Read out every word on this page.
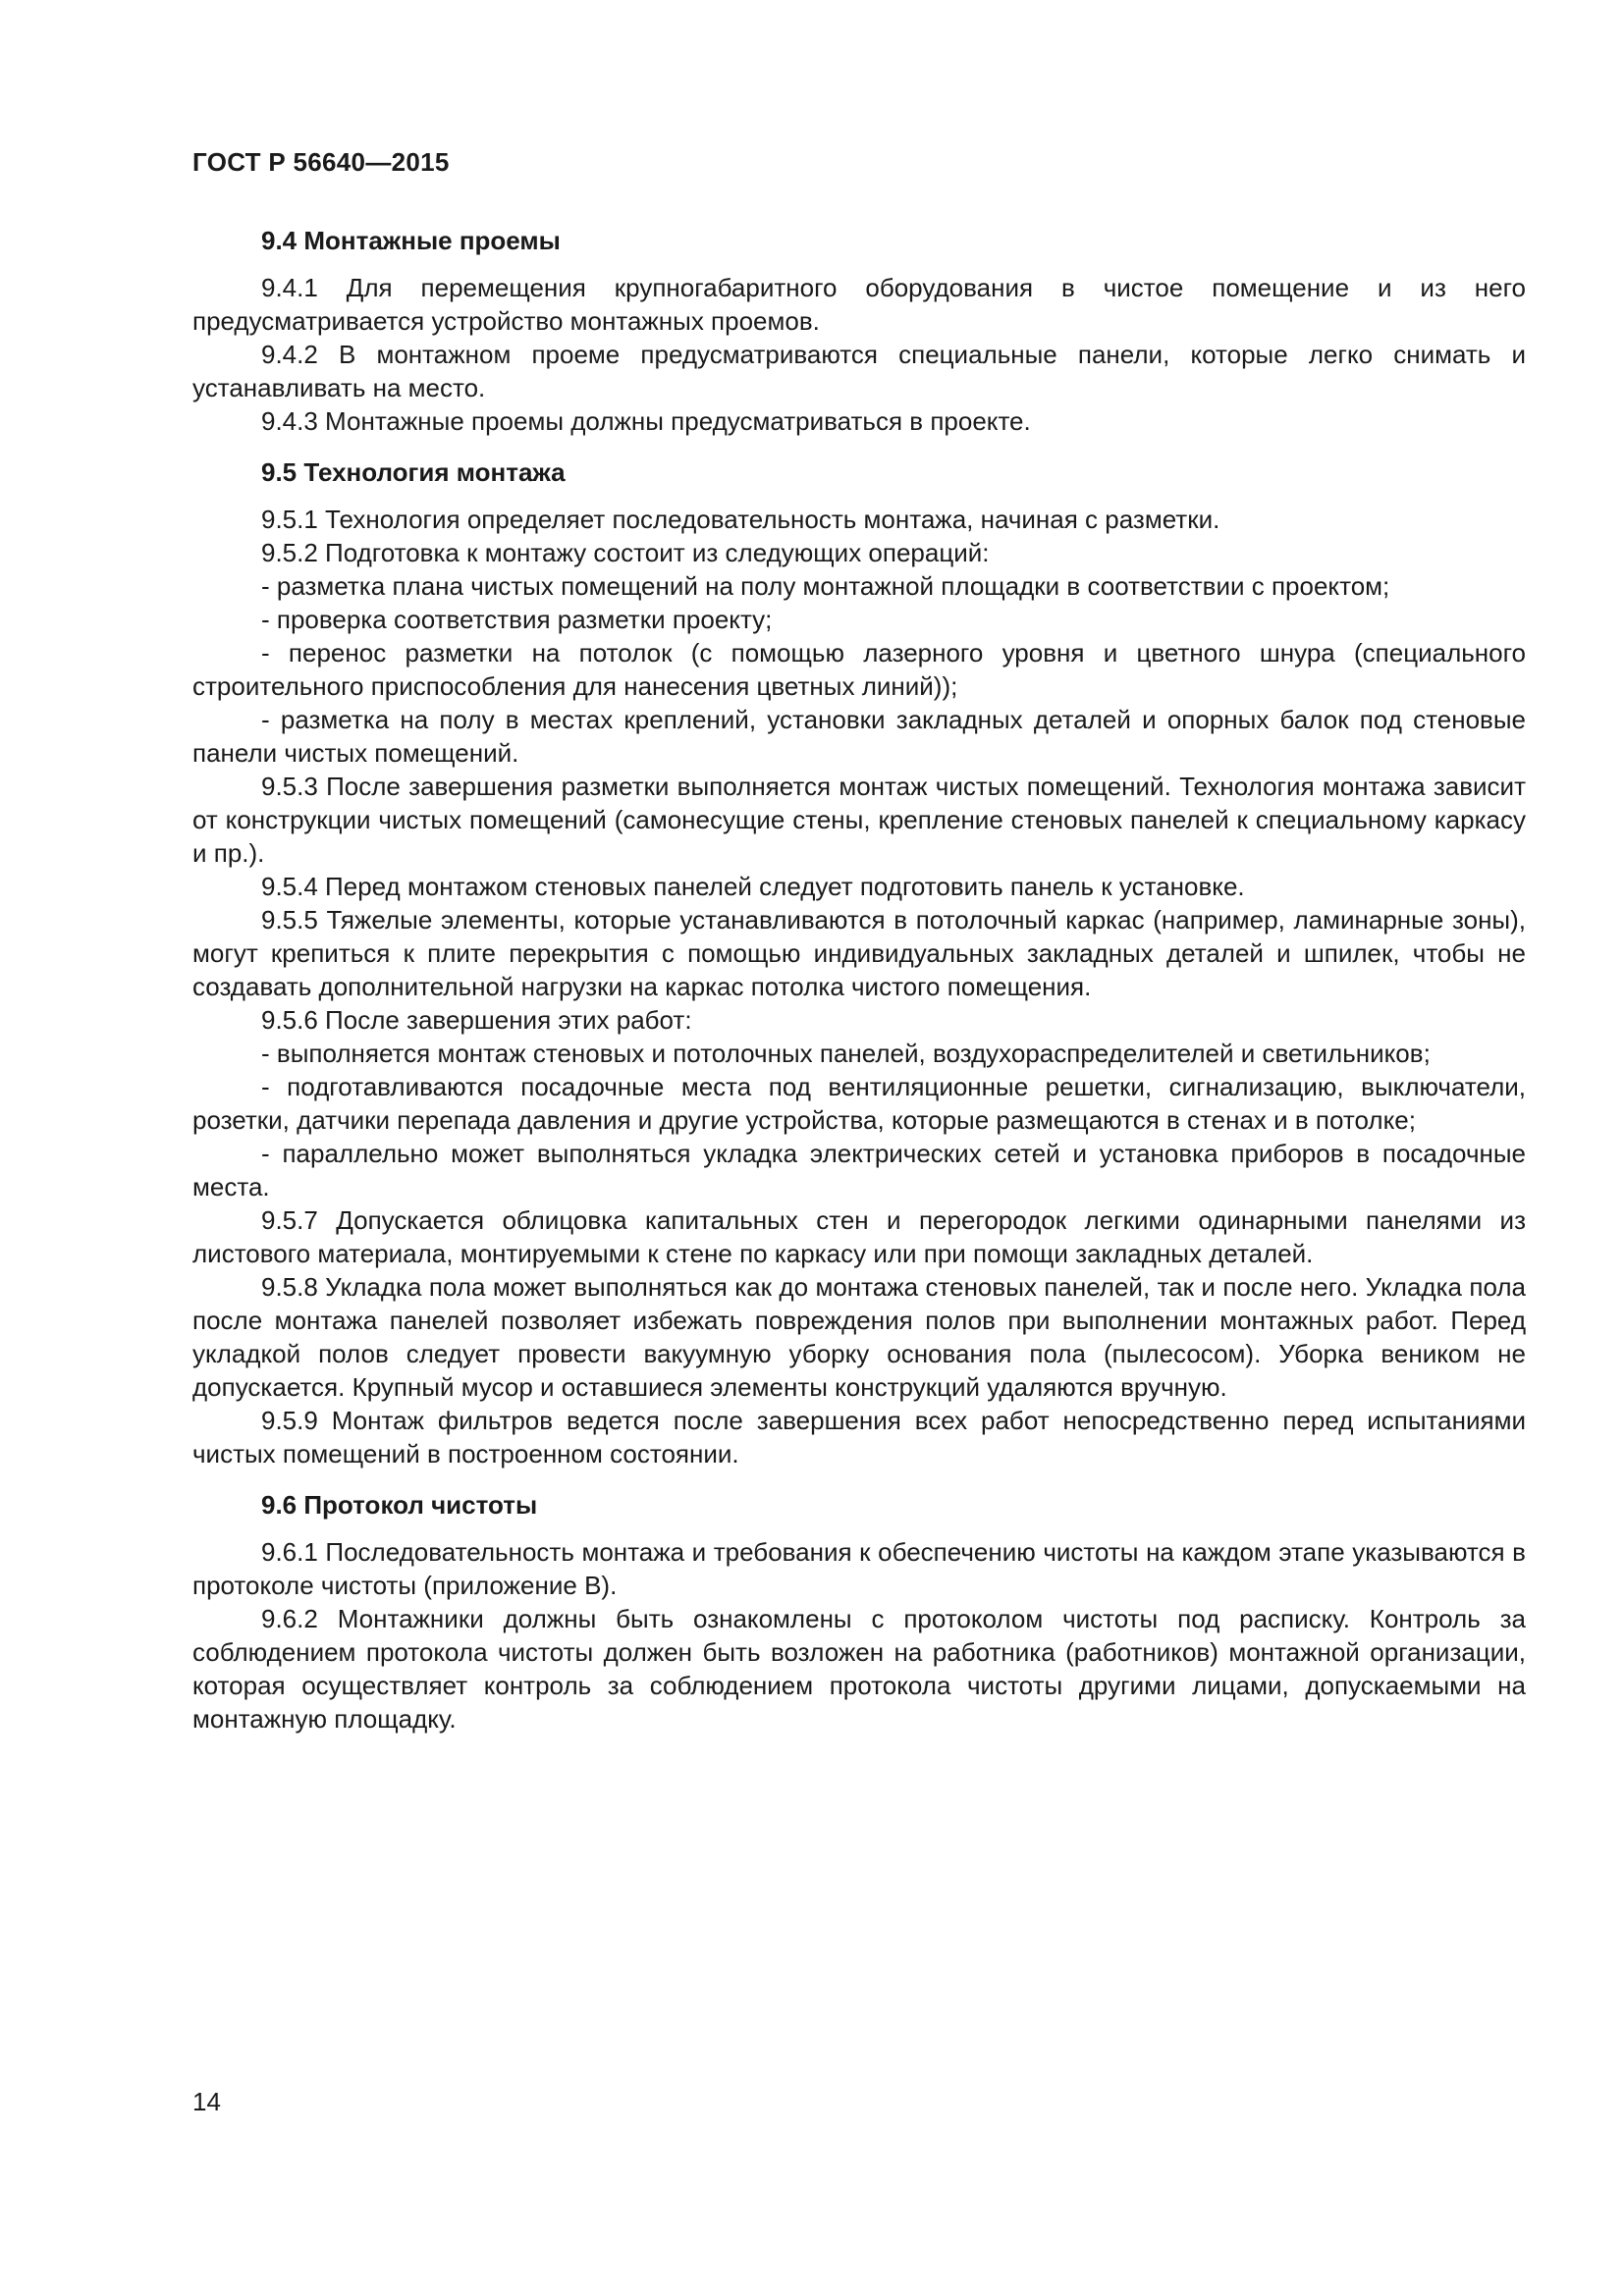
ГОСТ Р 56640—2015

9.4 Монтажные проемы

9.4.1 Для перемещения крупногабаритного оборудования в чистое помещение и из него предусматривается устройство монтажных проемов.

9.4.2 В монтажном проеме предусматриваются специальные панели, которые легко снимать и устанавливать на место.

9.4.3 Монтажные проемы должны предусматриваться в проекте.

9.5 Технология монтажа

9.5.1 Технология определяет последовательность монтажа, начиная с разметки.

9.5.2 Подготовка к монтажу состоит из следующих операций:

- разметка плана чистых помещений на полу монтажной площадки в соответствии с проектом;

- проверка соответствия разметки проекту;

- перенос разметки на потолок (с помощью лазерного уровня и цветного шнура (специального строительного приспособления для нанесения цветных линий));

- разметка на полу в местах креплений, установки закладных деталей и опорных балок под стеновые панели чистых помещений.

9.5.3 После завершения разметки выполняется монтаж чистых помещений. Технология монтажа зависит от конструкции чистых помещений (самонесущие стены, крепление стеновых панелей к специальному каркасу и пр.).

9.5.4 Перед монтажом стеновых панелей следует подготовить панель к установке.

9.5.5 Тяжелые элементы, которые устанавливаются в потолочный каркас (например, ламинарные зоны), могут крепиться к плите перекрытия с помощью индивидуальных закладных деталей и шпилек, чтобы не создавать дополнительной нагрузки на каркас потолка чистого помещения.

9.5.6 После завершения этих работ:

- выполняется монтаж стеновых и потолочных панелей, воздухораспределителей и светильников;

- подготавливаются посадочные места под вентиляционные решетки, сигнализацию, выключатели, розетки, датчики перепада давления и другие устройства, которые размещаются в стенах и в потолке;

- параллельно может выполняться укладка электрических сетей и установка приборов в посадочные места.

9.5.7 Допускается облицовка капитальных стен и перегородок легкими одинарными панелями из листового материала, монтируемыми к стене по каркасу или при помощи закладных деталей.

9.5.8 Укладка пола может выполняться как до монтажа стеновых панелей, так и после него. Укладка пола после монтажа панелей позволяет избежать повреждения полов при выполнении монтажных работ. Перед укладкой полов следует провести вакуумную уборку основания пола (пылесосом). Уборка веником не допускается. Крупный мусор и оставшиеся элементы конструкций удаляются вручную.

9.5.9 Монтаж фильтров ведется после завершения всех работ непосредственно перед испытаниями чистых помещений в построенном состоянии.

9.6 Протокол чистоты

9.6.1 Последовательность монтажа и требования к обеспечению чистоты на каждом этапе указываются в протоколе чистоты (приложение В).

9.6.2 Монтажники должны быть ознакомлены с протоколом чистоты под расписку. Контроль за соблюдением протокола чистоты должен быть возложен на работника (работников) монтажной организации, которая осуществляет контроль за соблюдением протокола чистоты другими лицами, допускаемыми на монтажную площадку.

14
